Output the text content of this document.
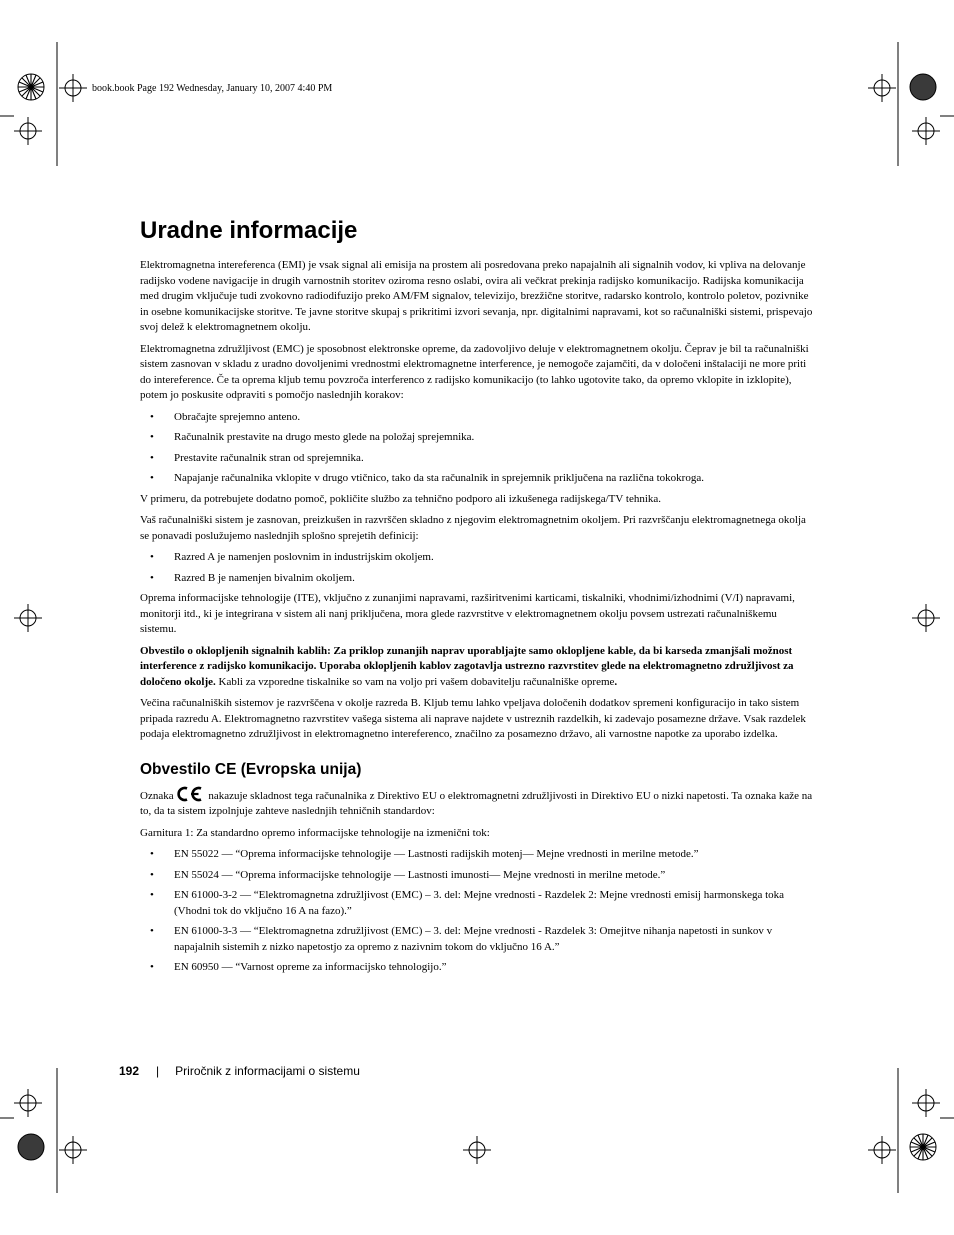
book.book Page 192 Wednesday, January 10, 2007 4:40 PM
Uradne informacije

Elektromagnetna intereferenca (EMI) je vsak signal ali emisija na prostem ali posredovana preko napajalnih ali signalnih vodov, ki vpliva na delovanje radijsko vodene navigacije in drugih varnostnih storitev oziroma resno oslabi, ovira ali večkrat prekinja radijsko komunikacijo. Radijska komunikacija med drugim vključuje tudi zvokovno radiodifuzijo preko AM/FM signalov, televizijo, brezžične storitve, radarsko kontrolo, kontrolo poletov, pozivnike in osebne komunikacijske storitve. Te javne storitve skupaj s prikritimi izvori sevanja, npr. digitalnimi napravami, kot so računalniški sistemi, prispevajo svoj delež k elektromagnetnem okolju.

Elektromagnetna združljivost (EMC) je sposobnost elektronske opreme, da zadovoljivo deluje v elektromagnetnem okolju. Čeprav je bil ta računalniški sistem zasnovan v skladu z uradno dovoljenimi vrednostmi elektromagnetne interference, je nemogoče zajamčiti, da v določeni inštalaciji ne more priti do intereference. Če ta oprema kljub temu povzroča interferenco z radijsko komunikacijo (to lahko ugotovite tako, da opremo vklopite in izklopite), potem jo poskusite odpraviti s pomočjo naslednjih korakov:

• Obračajte sprejemno anteno.
• Računalnik prestavite na drugo mesto glede na položaj sprejemnika.
• Prestavite računalnik stran od sprejemnika.
• Napajanje računalnika vklopite v drugo vtičnico, tako da sta računalnik in sprejemnik priključena na različna tokokroga.

V primeru, da potrebujete dodatno pomoč, pokličite službo za tehnično podporo ali izkušenega radijskega/TV tehnika.

Vaš računalniški sistem je zasnovan, preizkušen in razvrščen skladno z njegovim elektromagnetnim okoljem. Pri razvrščanju elektromagnetnega okolja se ponavadi poslužujemo naslednjih splošno sprejetih definicij:

• Razred A je namenjen poslovnim in industrijskim okoljem.
• Razred B je namenjen bivalnim okoljem.

Oprema informacijske tehnologije (ITE), vključno z zunanjimi napravami, razširitvenimi karticami, tiskalniki, vhodnimi/izhodnimi (V/I) napravami, monitorji itd., ki je integrirana v sistem ali nanj priključena, mora glede razvrstitve v elektromagnetnem okolju povsem ustrezati računalniškemu sistemu.

Obvestilo o oklopljenih signalnih kablih: Za priklop zunanjih naprav uporabljajte samo oklopljene kable, da bi karseda zmanjšali možnost interference z radijsko komunikacijo. Uporaba oklopljenih kablov zagotavlja ustrezno razvrstitev glede na elektromagnetno združljivost za določeno okolje. Kabli za vzporedne tiskalnike so vam na voljo pri vašem dobavitelju računalniške opreme.

Večina računalniških sistemov je razvrščena v okolje razreda B. Kljub temu lahko vpeljava določenih dodatkov spremeni konfiguracijo in tako sistem pripada razredu A. Elektromagnetno razvrstitev vašega sistema ali naprave najdete v ustreznih razdelkih, ki zadevajo posamezne države. Vsak razdelek podaja elektromagnetno združljivost in elektromagnetno intereferenco, značilno za posamezno državo, ali varnostne napotke za uporabo izdelka.

Obvestilo CE (Evropska unija)

Oznaka	nakazuje skladnost tega računalnika z Direktivo EU o elektromagnetni združljivosti in Direktivo EU o nizki napetosti. Ta oznaka kaže na to, da ta sistem izpolnjuje zahteve naslednjih tehničnih standardov:

Garnitura 1: Za standardno opremo informacijske tehnologije na izmenični tok:

• EN 55022 — “Oprema informacijske tehnologije — Lastnosti radijskih motenj— Mejne vrednosti in merilne metode.”
• EN 55024 — “Oprema informacijske tehnologije — Lastnosti imunosti— Mejne vrednosti in merilne metode.”
• EN 61000-3-2 — “Elektromagnetna združljivost (EMC) – 3. del: Mejne vrednosti - Razdelek 2: Mejne vrednosti emisij harmonskega toka (Vhodni tok do vključno 16 A na fazo).”
• EN 61000-3-3 — “Elektromagnetna združljivost (EMC) – 3. del: Mejne vrednosti - Razdelek 3: Omejitve nihanja napetosti in sunkov v napajalnih sistemih z nizko napetostjo za opremo z nazivnim tokom do vključno 16 A.”
• EN 60950 — “Varnost opreme za informacijsko tehnologijo.”
192 | Priročnik z informacijami o sistemu
